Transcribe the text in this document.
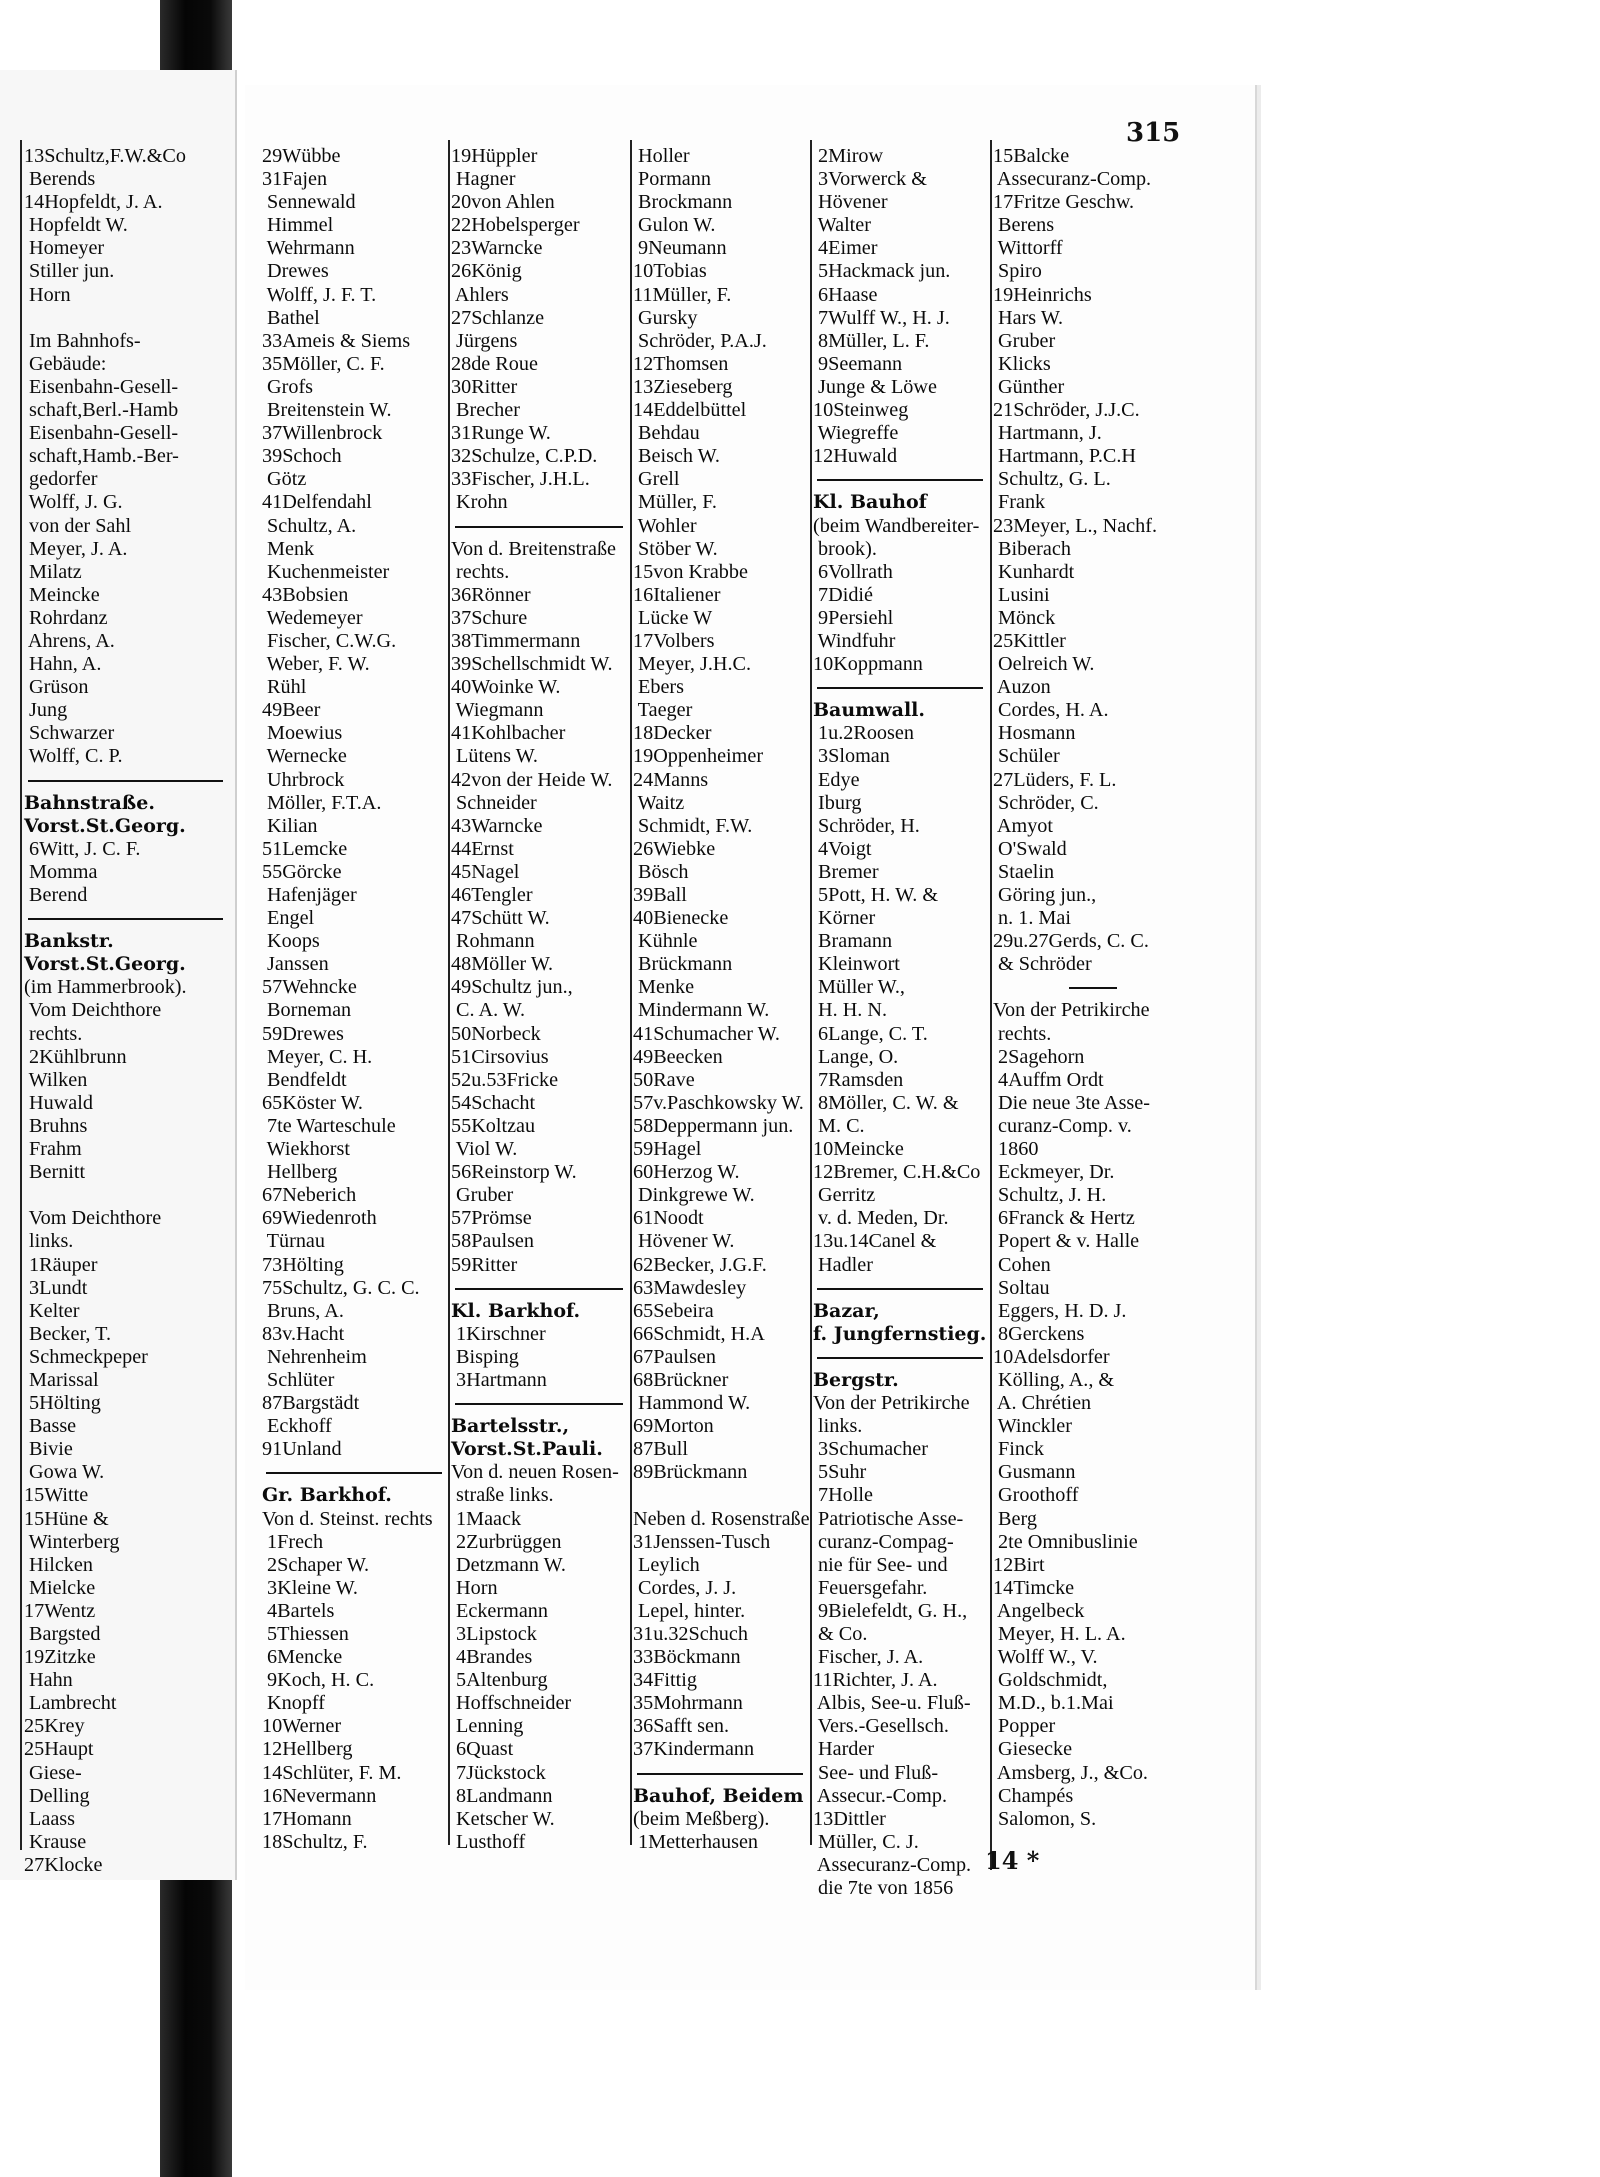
315
13Schultz,F.W.&Co
Berends
14Hopfeldt, J. A.
Hopfeldt W.
Homeyer
Stiller jun.
Horn
Im Bahnhofs-
Gebäude:
Eisenbahn-Gesell-
schaft,Berl.-Hamb
Eisenbahn-Gesell-
schaft,Hamb.-Ber-
gedorfer
Wolff, J. G.
von der Sahl
Meyer, J. A.
Milatz
Meincke
Rohrdanz
Ahrens, A.
Hahn, A.
Grüson
Jung
Schwarzer
Wolff, C. P.
Bahnstraße.
Vorst.St.Georg.
6Witt, J. C. F.
Momma
Berend
Bankstr.
Vorst.St.Georg.
(im Hammerbrook).
Vom Deichthore
rechts.
2Kühlbrunn
Wilken
Huwald
Bruhns
Frahm
Bernitt
Vom Deichthore
links.
1Räuper
3Lundt
Kelter
Becker, T.
Schmeckpeper
Marissal
5Hölting
Basse
Bivie
Gowa W.
15Witte
15Hüne &
Winterberg
Hilcken
Mielcke
17Wentz
Bargsted
19Zitzke
Hahn
Lambrecht
25Krey
25Haupt
Giese-
Delling
Laass
Krause
27Klocke
29Wübbe
31Fajen
Sennewald
Himmel
Wehrmann
Drewes
Wolff, J. F. T.
Bathel
33Ameis & Siems
35Möller, C. F.
Grofs
Breitenstein W.
37Willenbrock
39Schoch
Götz
41Delfendahl
Schultz, A.
Menk
Kuchenmeister
43Bobsien
Wedemeyer
Fischer, C.W.G.
Weber, F. W.
Rühl
49Beer
Moewius
Wernecke
Uhrbrock
Möller, F.T.A.
Kilian
51Lemcke
55Görcke
Hafenjäger
Engel
Koops
Janssen
57Wehncke
Borneman
59Drewes
Meyer, C. H.
Bendfeldt
65Köster W.
7te Warteschule
Wiekhorst
Hellberg
67Neberich
69Wiedenroth
Türnau
73Hölting
75Schultz, G. C. C.
Bruns, A.
83v.Hacht
Nehrenheim
Schlüter
87Bargstädt
Eckhoff
91Unland
Gr. Barkhof.
Von d. Steinst. rechts
1Frech
2Schaper W.
3Kleine W.
4Bartels
5Thiessen
6Mencke
9Koch, H. C.
Knopff
10Werner
12Hellberg
14Schlüter, F. M.
16Nevermann
17Homann
18Schultz, F.
19Hüppler
Hagner
20von Ahlen
22Hobelsperger
23Warncke
26König
Ahlers
27Schlanze
Jürgens
28de Roue
30Ritter
Brecher
31Runge W.
32Schulze, C.P.D.
33Fischer, J.H.L.
Krohn
Von d. Breitenstraße
rechts.
36Rönner
37Schure
38Timmermann
39Schellschmidt W.
40Woinke W.
Wiegmann
41Kohlbacher
Lütens W.
42von der Heide W.
Schneider
43Warncke
44Ernst
45Nagel
46Tengler
47Schütt W.
Rohmann
48Möller W.
49Schultz jun.,
C. A. W.
50Norbeck
51Cirsovius
52u.53Fricke
54Schacht
55Koltzau
Viol W.
56Reinstorp W.
Gruber
57Prömse
58Paulsen
59Ritter
Kl. Barkhof.
1Kirschner
Bisping
3Hartmann
Bartelsstr.,
Vorst.St.Pauli.
Von d. neuen Rosen-
straße links.
1Maack
2Zurbrüggen
Detzmann W.
Horn
Eckermann
3Lipstock
4Brandes
5Altenburg
Hoffschneider
Lenning
6Quast
7Jückstock
8Landmann
Ketscher W.
Lusthoff
Holler
Pormann
Brockmann
Gulon W.
9Neumann
10Tobias
11Müller, F.
Gursky
Schröder, P.A.J.
12Thomsen
13Zieseberg
14Eddelbüttel
Behdau
Beisch W.
Grell
Müller, F.
Wohler
Stöber W.
15von Krabbe
16Italiener
Lücke W
17Volbers
Meyer, J.H.C.
Ebers
Taeger
18Decker
19Oppenheimer
24Manns
Waitz
Schmidt, F.W.
26Wiebke
Bösch
39Ball
40Bienecke
Kühnle
Brückmann
Menke
Mindermann W.
41Schumacher W.
49Beecken
50Rave
57v.Paschkowsky W.
58Deppermann jun.
59Hagel
60Herzog W.
Dinkgrewe W.
61Noodt
Hövener W.
62Becker, J.G.F.
63Mawdesley
65Sebeira
66Schmidt, H.A
67Paulsen
68Brückner
Hammond W.
69Morton
87Bull
89Brückmann
Neben d. Rosenstraße
31Jenssen-Tusch
Leylich
Cordes, J. J.
Lepel, hinter.
31u.32Schuch
33Böckmann
34Fittig
35Mohrmann
36Safft sen.
37Kindermann
Bauhof, Beidem
(beim Meßberg).
1Metterhausen
2Mirow
3Vorwerck &
Hövener
Walter
4Eimer
5Hackmack jun.
6Haase
7Wulff W., H. J.
8Müller, L. F.
9Seemann
Junge & Löwe
10Steinweg
Wiegreffe
12Huwald
Kl. Bauhof
(beim Wandbereiter-
brook).
6Vollrath
7Didié
9Persiehl
Windfuhr
10Koppmann
Baumwall.
1u.2Roosen
3Sloman
Edye
Iburg
Schröder, H.
4Voigt
Bremer
5Pott, H. W. &
Körner
Bramann
Kleinwort
Müller W.,
H. H. N.
6Lange, C. T.
Lange, O.
7Ramsden
8Möller, C. W. &
M. C.
10Meincke
12Bremer, C.H.&Co
Gerritz
v. d. Meden, Dr.
13u.14Canel &
Hadler
Bazar,
f. Jungfernstieg.
Bergstr.
Von der Petrikirche
links.
3Schumacher
5Suhr
7Holle
Patriotische Asse-
curanz-Compag-
nie für See- und
Feuersgefahr.
9Bielefeldt, G. H.,
& Co.
Fischer, J. A.
11Richter, J. A.
Albis, See-u. Fluß-
Vers.-Gesellsch.
Harder
See- und Fluß-
Assecur.-Comp.
13Dittler
Müller, C. J.
Assecuranz-Comp.
die 7te von 1856
15Balcke
Assecuranz-Comp.
17Fritze Geschw.
Berens
Wittorff
Spiro
19Heinrichs
Hars W.
Gruber
Klicks
Günther
21Schröder, J.J.C.
Hartmann, J.
Hartmann, P.C.H
Schultz, G. L.
Frank
23Meyer, L., Nachf.
Biberach
Kunhardt
Lusini
Mönck
25Kittler
Oelreich W.
Auzon
Cordes, H. A.
Hosmann
Schüler
27Lüders, F. L.
Schröder, C.
Amyot
O'Swald
Staelin
Göring jun.,
n. 1. Mai
29u.27Gerds, C. C.
& Schröder
Von der Petrikirche
rechts.
2Sagehorn
4Auffm Ordt
Die neue 3te Asse-
curanz-Comp. v.
1860
Eckmeyer, Dr.
Schultz, J. H.
6Franck & Hertz
Popert & v. Halle
Cohen
Soltau
Eggers, H. D. J.
8Gerckens
10Adelsdorfer
Kölling, A., &
A. Chrétien
Winckler
Finck
Gusmann
Groothoff
Berg
2te Omnibuslinie
12Birt
14Timcke
Angelbeck
Meyer, H. L. A.
Wolff W., V.
Goldschmidt,
M.D., b.1.Mai
Popper
Giesecke
Amsberg, J., &Co.
Champés
Salomon, S.
14 *
